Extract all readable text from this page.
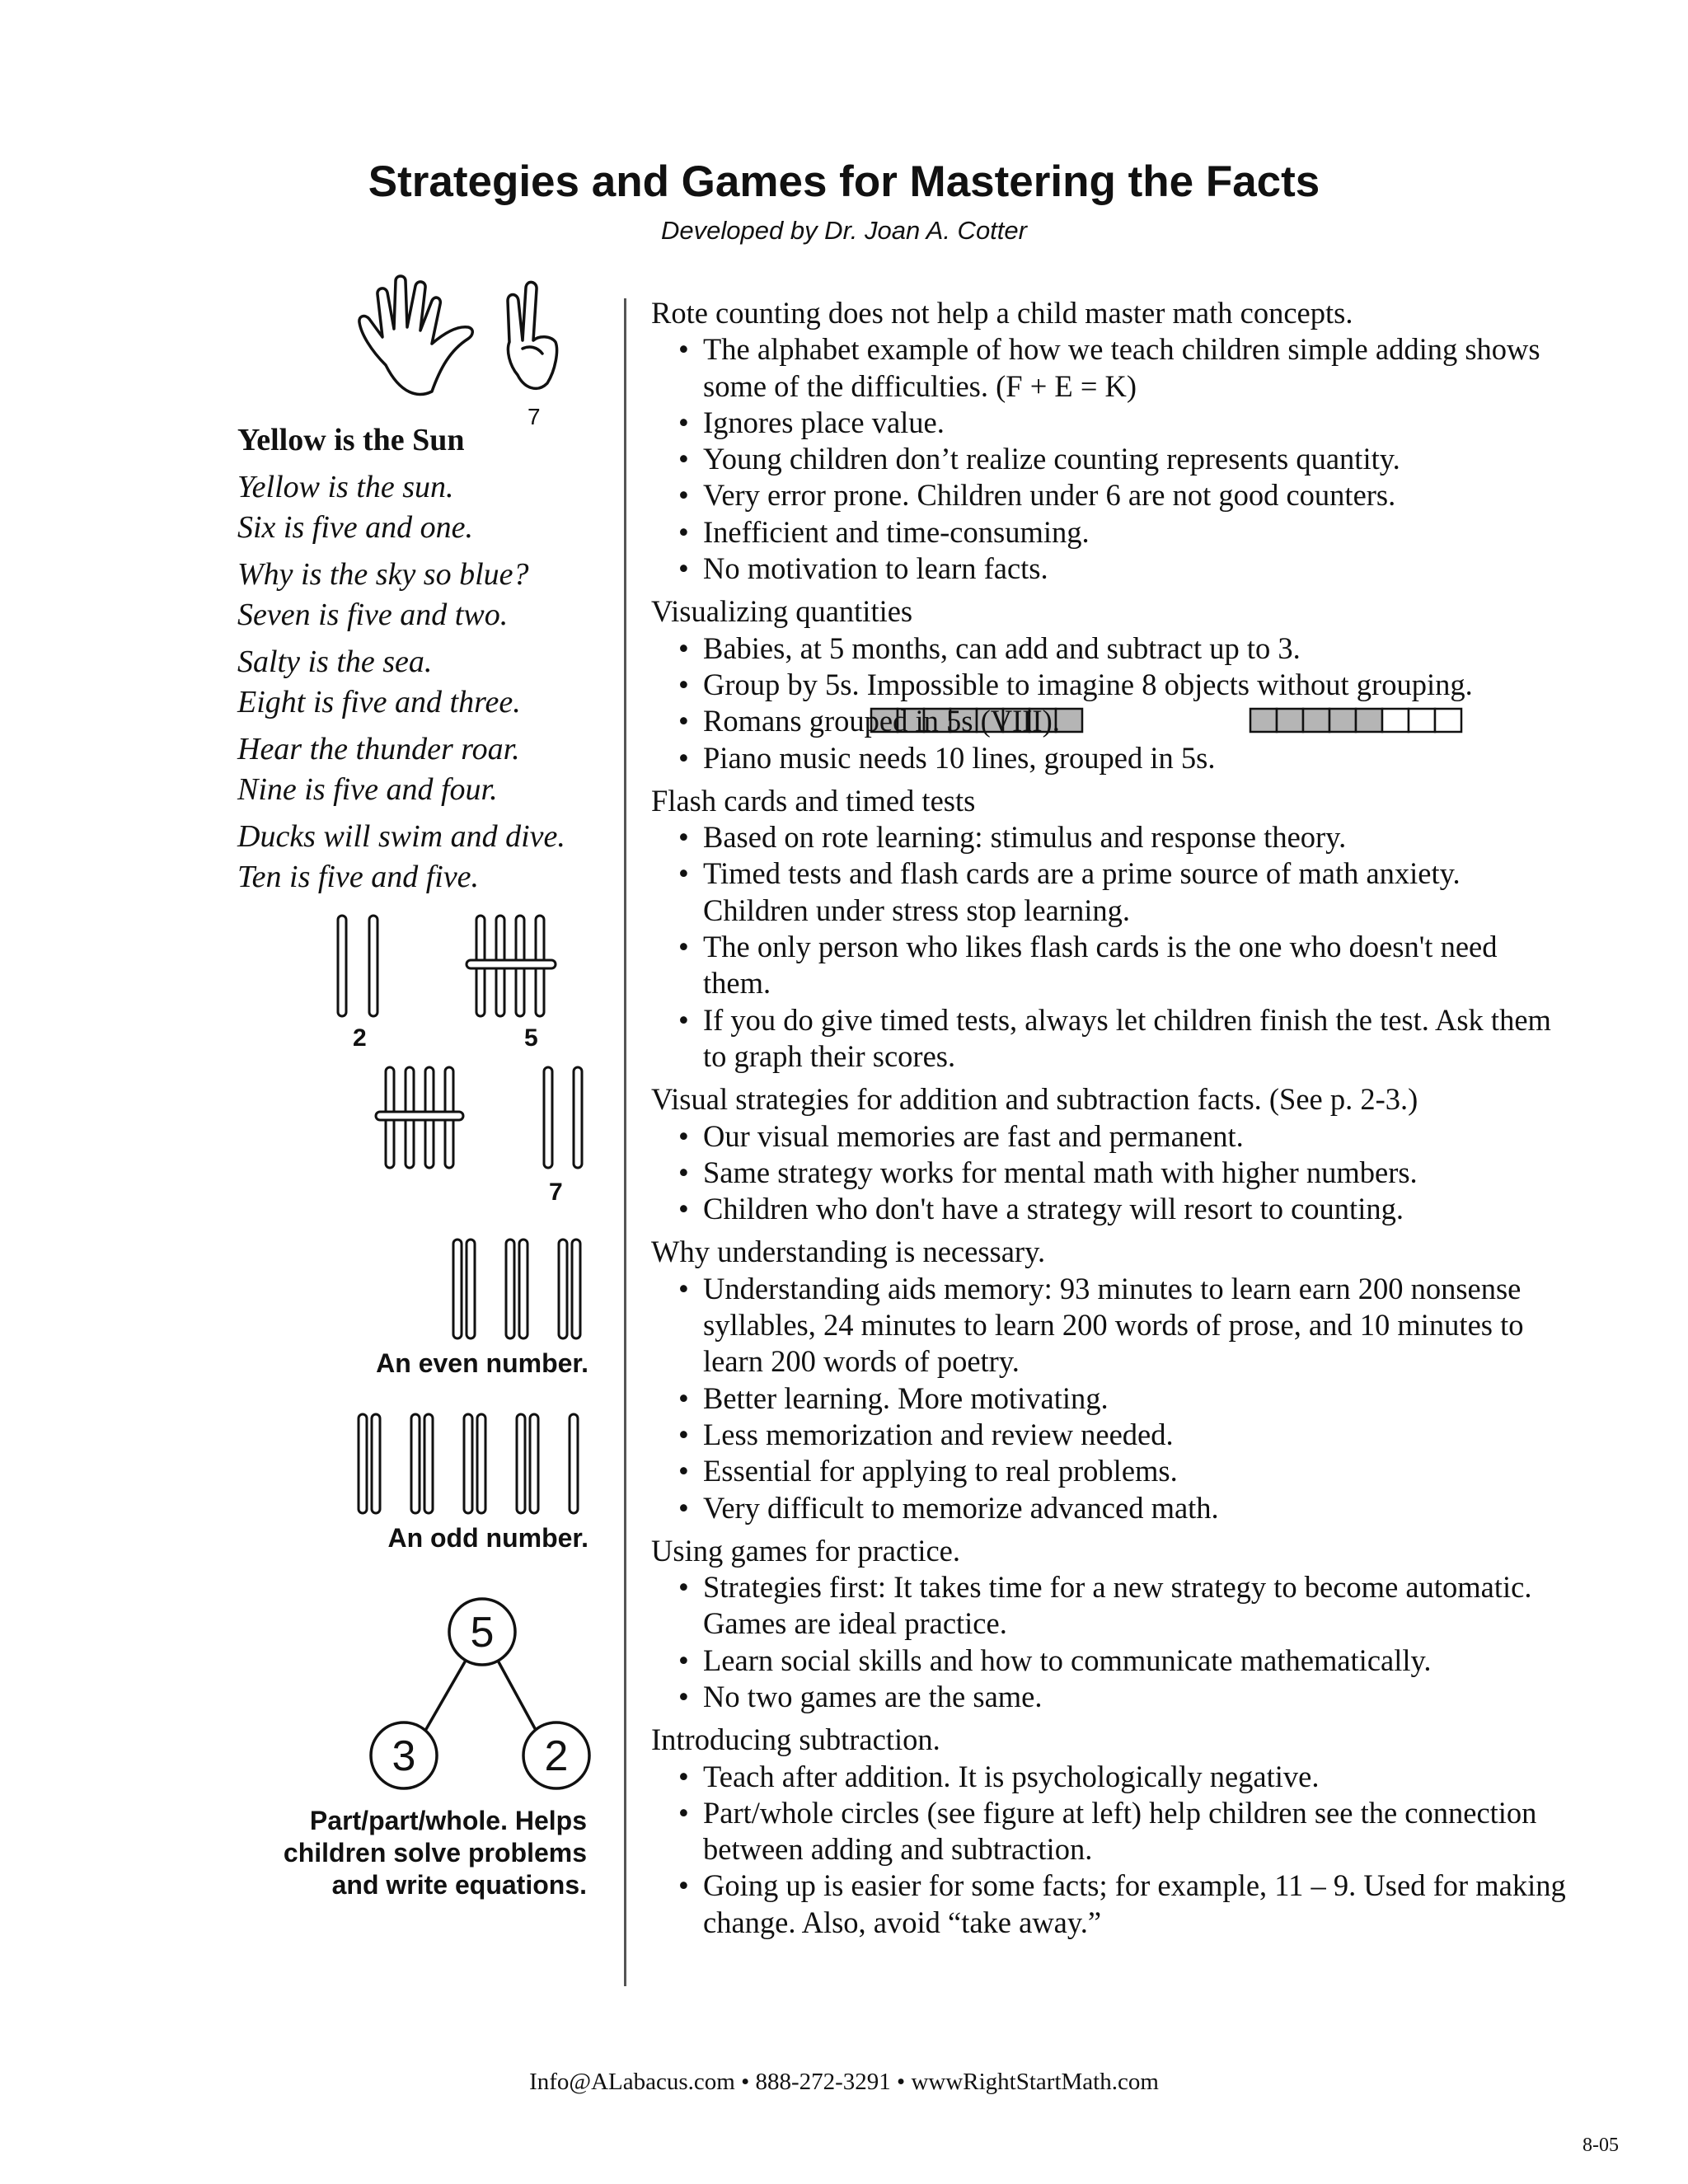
Strategies and Games for Mastering the Facts
Developed by Dr. Joan A. Cotter
7
Yellow is the Sun
Yellow is the sun.
Six is five and one.
Why is the sky so blue?
Seven is five and two.
Salty is the sea.
Eight is five and three.
Hear the thunder roar.
Nine is five and four.
Ducks will swim and dive.
Ten is five and five.
2	5
7
An even number.
An odd number.
5
3	2
Part/part/whole. Helps
children solve problems
and write equations.
Rote counting does not help a child master math concepts.
• The alphabet example of how we teach children simple adding shows some of the difficulties. (F + E = K)
• Ignores place value.
• Young children don’t realize counting represents quantity.
• Very error prone. Children under 6 are not good counters.
• Inefficient and time-consuming.
• No motivation to learn facts.
Visualizing quantities
• Babies, at 5 months, can add and subtract up to 3.
• Group by 5s. Impossible to imagine 8 objects without grouping.
• Romans grouped in 5s (VIII).
• Piano music needs 10 lines, grouped in 5s.
Flash cards and timed tests
• Based on rote learning: stimulus and response theory.
• Timed tests and flash cards are a prime source of math anxiety. Children under stress stop learning.
• The only person who likes flash cards is the one who doesn't need them.
• If you do give timed tests, always let children finish the test. Ask them to graph their scores.
Visual strategies for addition and subtraction facts. (See p. 2-3.)
• Our visual memories are fast and permanent.
• Same strategy works for mental math with higher numbers.
• Children who don't have a strategy will resort to counting.
Why understanding is necessary.
• Understanding aids memory: 93 minutes to learn earn 200 nonsense syllables, 24 minutes to learn 200 words of prose, and 10 minutes to learn 200 words of poetry.
• Better learning. More motivating.
• Less memorization and review needed.
• Essential for applying to real problems.
• Very difficult to memorize advanced math.
Using games for practice.
• Strategies first: It takes time for a new strategy to become automatic. Games are ideal practice.
• Learn social skills and how to communicate mathematically.
• No two games are the same.
Introducing subtraction.
• Teach after addition. It is psychologically negative.
• Part/whole circles (see figure at left) help children see the connection between adding and subtraction.
• Going up is easier for some facts; for example, 11 – 9. Used for making change. Also, avoid “take away.”
Info@ALabacus.com • 888-272-3291 • wwwRightStartMath.com
8-05
